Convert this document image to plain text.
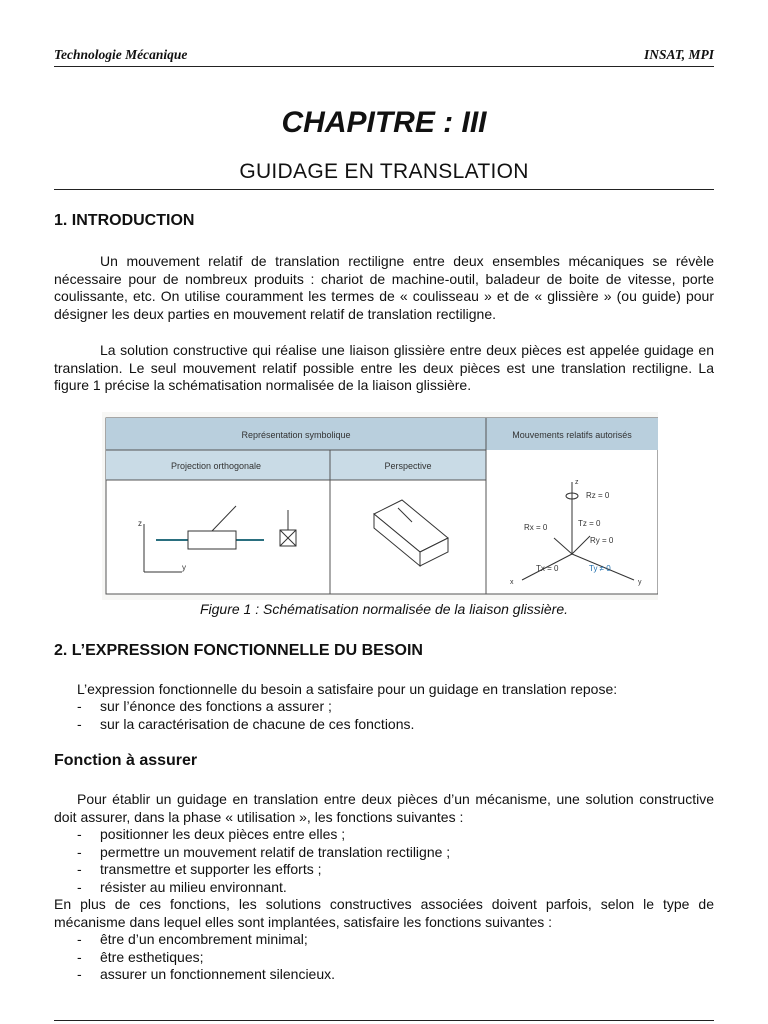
Technologie Mécanique	INSAT, MPI
CHAPITRE : III
GUIDAGE EN TRANSLATION
1. INTRODUCTION

Un mouvement relatif de translation rectiligne entre deux ensembles mécaniques se révèle nécessaire pour de nombreux produits : chariot de machine-outil, baladeur de boite de vitesse, porte coulissante, etc. On utilise couramment les termes de « coulisseau » et de « glissière » (ou guide) pour désigner les deux parties en mouvement relatif de translation rectiligne.

La solution constructive qui réalise une liaison glissière entre deux pièces est appelée guidage en translation. Le seul mouvement relatif possible entre les deux pièces est une translation rectiligne. La figure 1 précise la schématisation normalisée de la liaison glissière.

Représentation symbolique	Mouvements relatifs autorisés
Projection orthogonale	Perspective
z
y
z
x	y
Rz = 0
Tz = 0
Rx = 0
Ry = 0
Tx = 0	Ty ≠ 0
Figure 1 : Schématisation normalisée de la liaison glissière.
2. L’EXPRESSION FONCTIONNELLE DU BESOIN

L’expression fonctionnelle du besoin a satisfaire pour un guidage en translation repose:

- sur l’énonce des fonctions a assurer ;
- sur la caractérisation de chacune de ces fonctions.
Fonction à assurer

Pour établir un guidage en translation entre deux pièces d’un mécanisme, une solution constructive doit assurer, dans la phase « utilisation », les fonctions suivantes :

- positionner les deux pièces entre elles ;
- permettre un mouvement relatif de translation rectiligne ;
- transmettre et supporter les efforts ;
- résister au milieu environnant.

En plus de ces fonctions, les solutions constructives associées doivent parfois, selon le type de mécanisme dans lequel elles sont implantées, satisfaire les fonctions suivantes :

- être d’un encombrement minimal;
- être esthetiques;
- assurer un fonctionnement silencieux.
